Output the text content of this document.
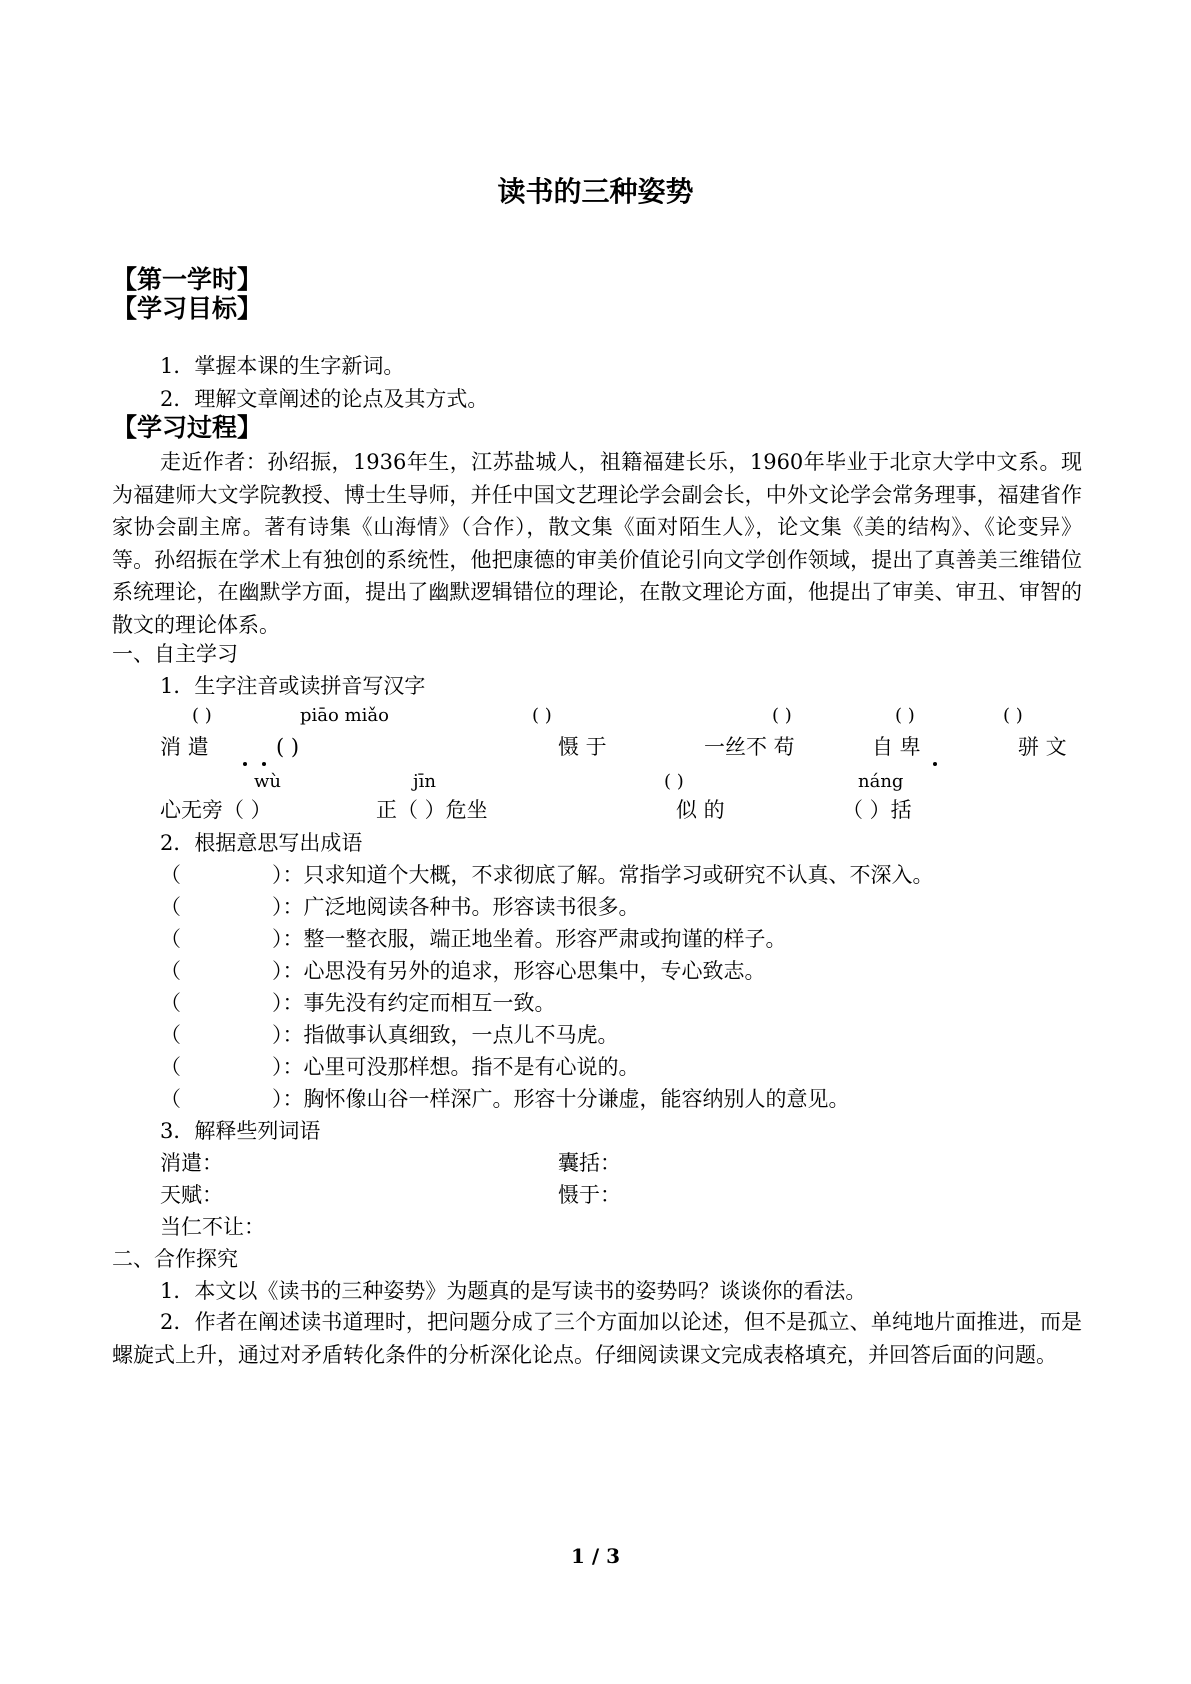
读书的三种姿势
【第一学时】
【学习目标】
1．掌握本课的生字新词。
2．理解文章阐述的论点及其方式。
【学习过程】
走近作者：孙绍振，1936年生，江苏盐城人，祖籍福建长乐，1960年毕业于北京大学中文系。现为福建师大文学院教授、博士生导师，并任中国文艺理论学会副会长，中外文论学会常务理事，福建省作家协会副主席。著有诗集《山海情》（合作），散文集《面对陌生人》，论文集《美的结构》、《论变异》等。孙绍振在学术上有独创的系统性，他把康德的审美价值论引向文学创作领域，提出了真善美三维错位系统理论，在幽默学方面，提出了幽默逻辑错位的理论，在散文理论方面，他提出了审美、审丑、审智的散文的理论体系。
一、自主学习
1．生字注音或读拼音写汉字
( )	piāo miǎo	( )	( )	( )	( )
消 遣	( )	慑 于	一丝不 苟	自 卑	骈 文
wù	jīn	( )	náng
心无旁（ ）	正（ ）危坐	似 的	（ ）括
2．根据意思写出成语
（	）：只求知道个大概，不求彻底了解。常指学习或研究不认真、不深入。
（	）：广泛地阅读各种书。形容读书很多。
（	）：整一整衣服，端正地坐着。形容严肃或拘谨的样子。
（	）：心思没有另外的追求，形容心思集中，专心致志。
（	）：事先没有约定而相互一致。
（	）：指做事认真细致，一点儿不马虎。
（	）：心里可没那样想。指不是有心说的。
（	）：胸怀像山谷一样深广。形容十分谦虚，能容纳别人的意见。
3．解释些列词语
消遣：	囊括：
天赋：	慑于：
当仁不让：
二、合作探究
1．本文以《读书的三种姿势》为题真的是写读书的姿势吗？谈谈你的看法。
2．作者在阐述读书道理时，把问题分成了三个方面加以论述，但不是孤立、单纯地片面推进，而是螺旋式上升，通过对矛盾转化条件的分析深化论点。仔细阅读课文完成表格填充，并回答后面的问题。
1 / 3
